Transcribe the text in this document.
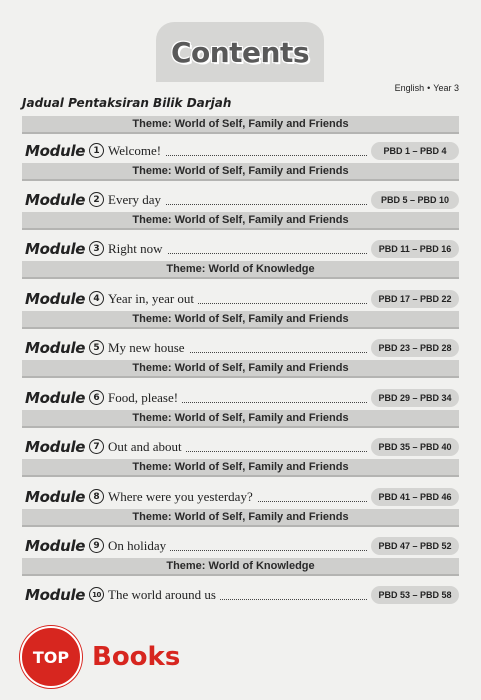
Contents
English • Year 3
Jadual Pentaksiran Bilik Darjah
Theme: World of Self, Family and Friends
Module 1 Welcome!	PBD 1 – PBD 4
Theme: World of Self, Family and Friends
Module 2 Every day	PBD 5 – PBD 10
Theme: World of Self, Family and Friends
Module 3 Right now	PBD 11 – PBD 16
Theme: World of Knowledge
Module 4 Year in, year out	PBD 17 – PBD 22
Theme: World of Self, Family and Friends
Module 5 My new house	PBD 23 – PBD 28
Theme: World of Self, Family and Friends
Module 6 Food, please!	PBD 29 – PBD 34
Theme: World of Self, Family and Friends
Module 7 Out and about	PBD 35 – PBD 40
Theme: World of Self, Family and Friends
Module 8 Where were you yesterday?	PBD 41 – PBD 46
Theme: World of Self, Family and Friends
Module 9 On holiday	PBD 47 – PBD 52
Theme: World of Knowledge
Module 10 The world around us	PBD 53 – PBD 58
TOP Books
